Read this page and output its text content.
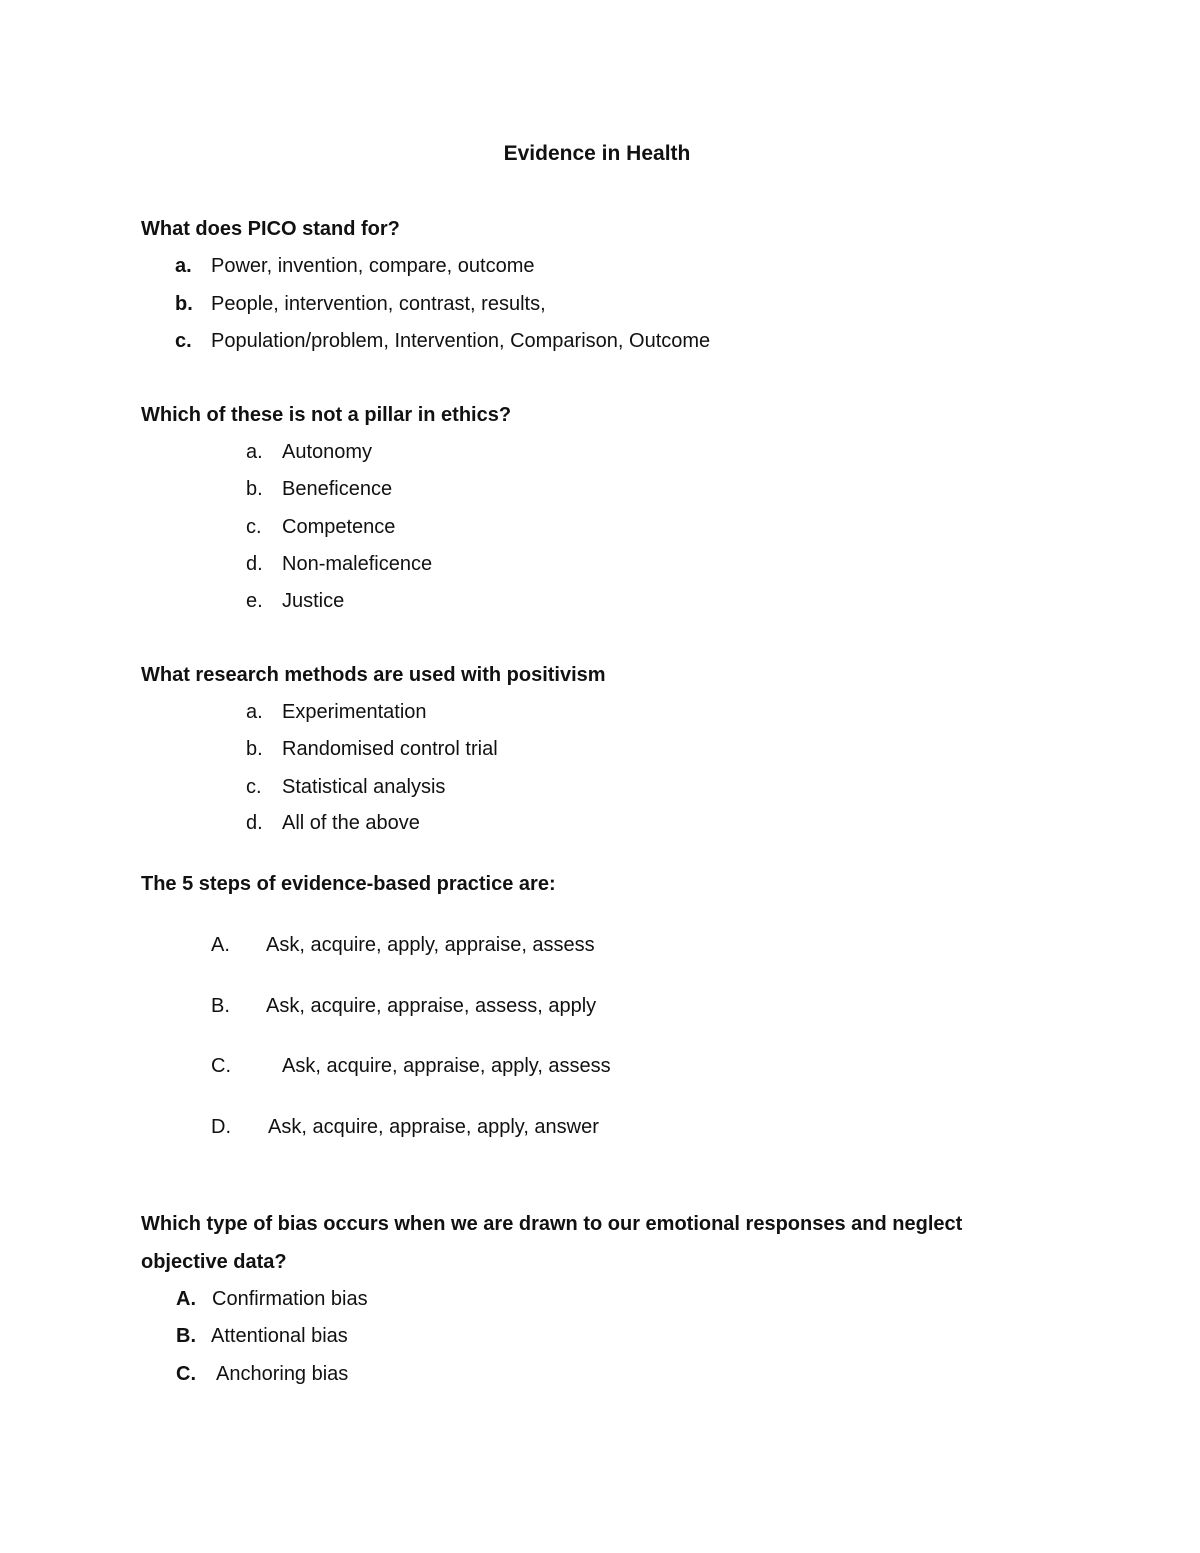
Evidence in Health
What does PICO stand for?
a. Power, invention, compare, outcome
b. People, intervention, contrast, results,
c. Population/problem, Intervention, Comparison, Outcome
Which of these is not a pillar in ethics?
a. Autonomy
b. Beneficence
c. Competence
d. Non-maleficence
e. Justice
What research methods are used with positivism
a. Experimentation
b. Randomised control trial
c. Statistical analysis
d. All of the above
The 5 steps of evidence-based practice are:
A. Ask, acquire, apply, appraise, assess
B. Ask, acquire, appraise, assess, apply
C.	Ask, acquire, appraise, apply, assess
D. Ask, acquire, appraise, apply, answer
Which type of bias occurs when we are drawn to our emotional responses and neglect objective data?
A. Confirmation bias
B. Attentional bias
C. Anchoring bias
